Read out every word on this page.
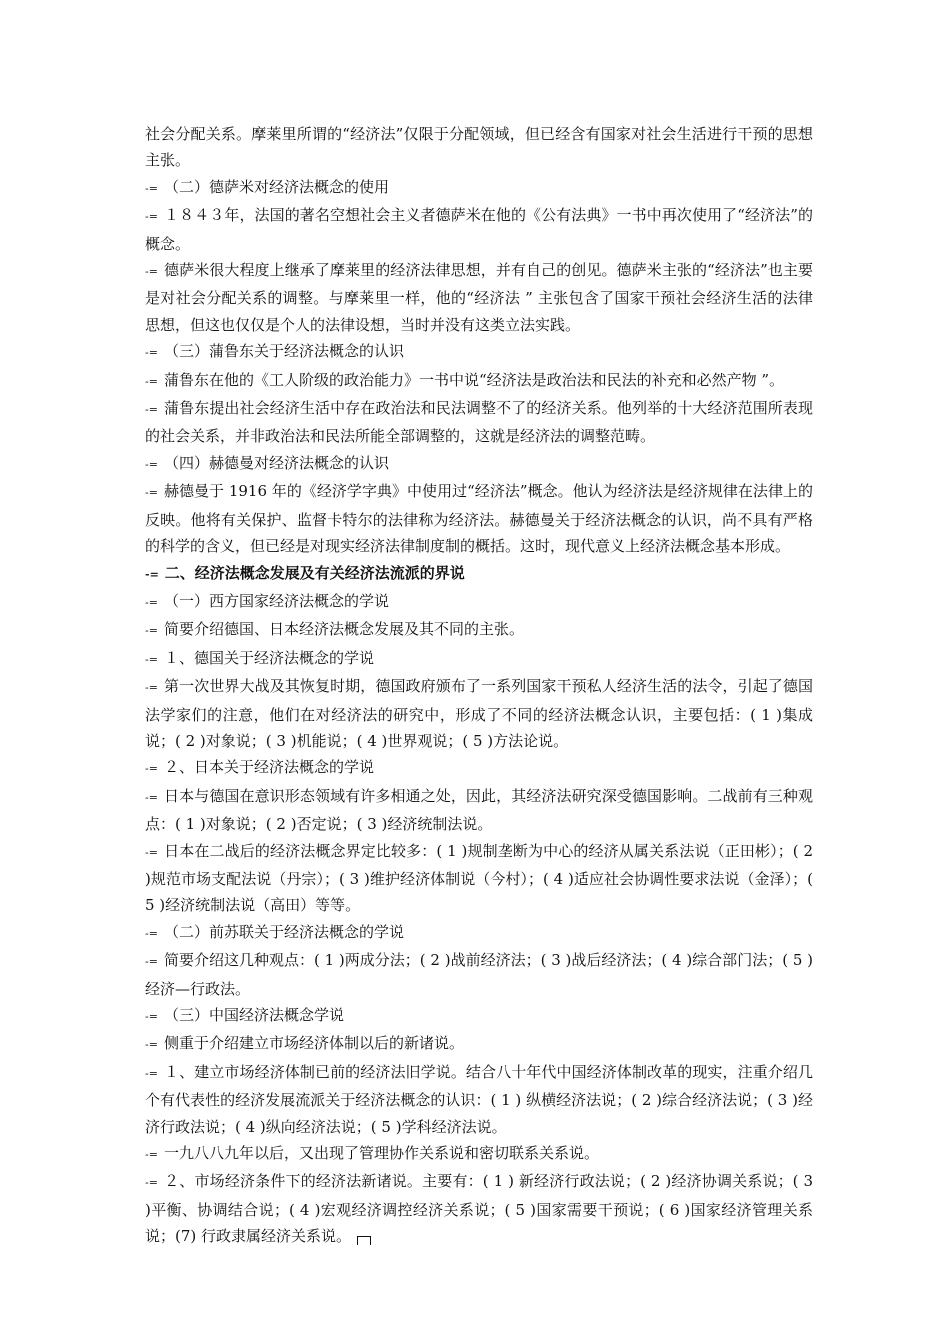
社会分配关系。摩莱里所谓的“经济法”仅限于分配领域，但已经含有国家对社会生活进行干预的思想主张。

-= （二）德萨米对经济法概念的使用

-= １８４３年，法国的著名空想社会主义者德萨米在他的《公有法典》一书中再次使用了“经济法”的概念。

-= 德萨米很大程度上继承了摩莱里的经济法律思想，并有自己的创见。德萨米主张的“经济法”也主要是对社会分配关系的调整。与摩莱里一样，他的“经济法 ” 主张包含了国家干预社会经济生活的法律思想，但这也仅仅是个人的法律设想，当时并没有这类立法实践。

-= （三）蒲鲁东关于经济法概念的认识

-= 蒲鲁东在他的《工人阶级的政治能力》一书中说“经济法是政治法和民法的补充和必然产物 ”。

-= 蒲鲁东提出社会经济生活中存在政治法和民法调整不了的经济关系。他列举的十大经济范围所表现的社会关系，并非政治法和民法所能全部调整的，这就是经济法的调整范畴。

-= （四）赫德曼对经济法概念的认识

-= 赫德曼于 1916 年的《经济学字典》中使用过“经济法”概念。他认为经济法是经济规律在法律上的反映。他将有关保护、监督卡特尔的法律称为经济法。赫德曼关于经济法概念的认识，尚不具有严格的科学的含义，但已经是对现实经济法律制度制的概括。这时，现代意义上经济法概念基本形成。

-= 二、经济法概念发展及有关经济法流派的界说

-= （一）西方国家经济法概念的学说

-= 简要介绍德国、日本经济法概念发展及其不同的主张。

-= １、德国关于经济法概念的学说

-= 第一次世界大战及其恢复时期，德国政府颁布了一系列国家干预私人经济生活的法令，引起了德国法学家们的注意，他们在对经济法的研究中，形成了不同的经济法概念认识，主要包括：( 1 )集成说；( 2 )对象说；( 3 )机能说；( 4 )世界观说；( 5 )方法论说。

-= ２、日本关于经济法概念的学说

-= 日本与德国在意识形态领域有许多相通之处，因此，其经济法研究深受德国影响。二战前有三种观点：( 1 )对象说；( 2 )否定说；( 3 )经济统制法说。

-= 日本在二战后的经济法概念界定比较多：( 1 )规制垄断为中心的经济从属关系法说（正田彬）；( 2 )规范市场支配法说（丹宗）；( 3 )维护经济体制说（今村）；( 4 )适应社会协调性要求法说（金泽）；( 5 )经济统制法说（高田）等等。

-= （二）前苏联关于经济法概念的学说

-= 简要介绍这几种观点：( 1 )两成分法；( 2 )战前经济法；( 3 )战后经济法；( 4 )综合部门法；( 5 )　经济—行政法。

-= （三）中国经济法概念学说

-= 侧重于介绍建立市场经济体制以后的新诸说。

-= １、建立市场经济体制已前的经济法旧学说。结合八十年代中国经济体制改革的现实，注重介绍几个有代表性的经济发展流派关于经济法概念的认识：( 1 ) 纵横经济法说；( 2 )综合经济法说；( 3 )经济行政法说；( 4 )纵向经济法说；( 5 )学科经济法说。

-= 一九八八九年以后，又出现了管理协作关系说和密切联系关系说。

-= ２、市场经济条件下的经济法新诸说。主要有：( 1 ) 新经济行政法说；( 2 )经济协调关系说；( 3 )平衡、协调结合说；( 4 )宏观经济调控经济关系说；( 5 )国家需要干预说；( 6 )国家经济管理关系说；(7) 行政隶属经济关系说。
